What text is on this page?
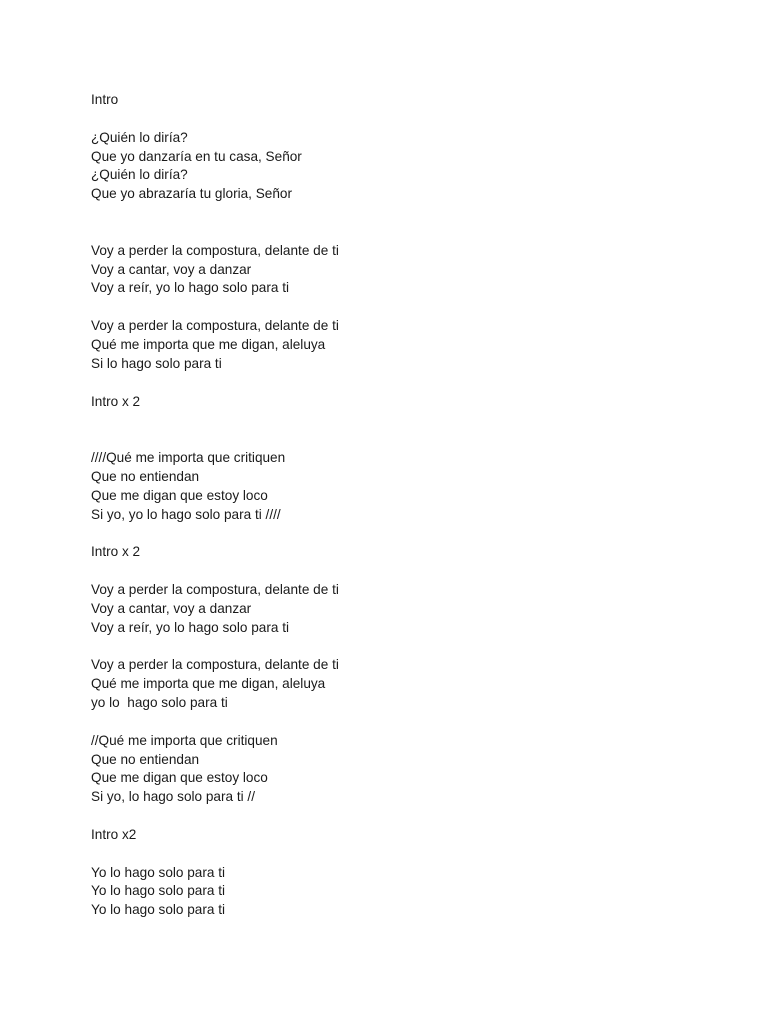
Intro
¿Quién lo diría?
Que yo danzaría en tu casa, Señor
¿Quién lo diría?
Que yo abrazaría tu gloria, Señor
Voy a perder la compostura, delante de ti
Voy a cantar, voy a danzar
Voy a reír, yo lo hago solo para ti
Voy a perder la compostura, delante de ti
Qué me importa que me digan, aleluya
Si lo hago solo para ti
Intro x 2
////Qué me importa que critiquen
Que no entiendan
Que me digan que estoy loco
Si yo, yo lo hago solo para ti ////
Intro x 2
Voy a perder la compostura, delante de ti
Voy a cantar, voy a danzar
Voy a reír, yo lo hago solo para ti
Voy a perder la compostura, delante de ti
Qué me importa que me digan, aleluya
yo lo  hago solo para ti
//Qué me importa que critiquen
Que no entiendan
Que me digan que estoy loco
Si yo, lo hago solo para ti //
Intro x2
Yo lo hago solo para ti
Yo lo hago solo para ti
Yo lo hago solo para ti
